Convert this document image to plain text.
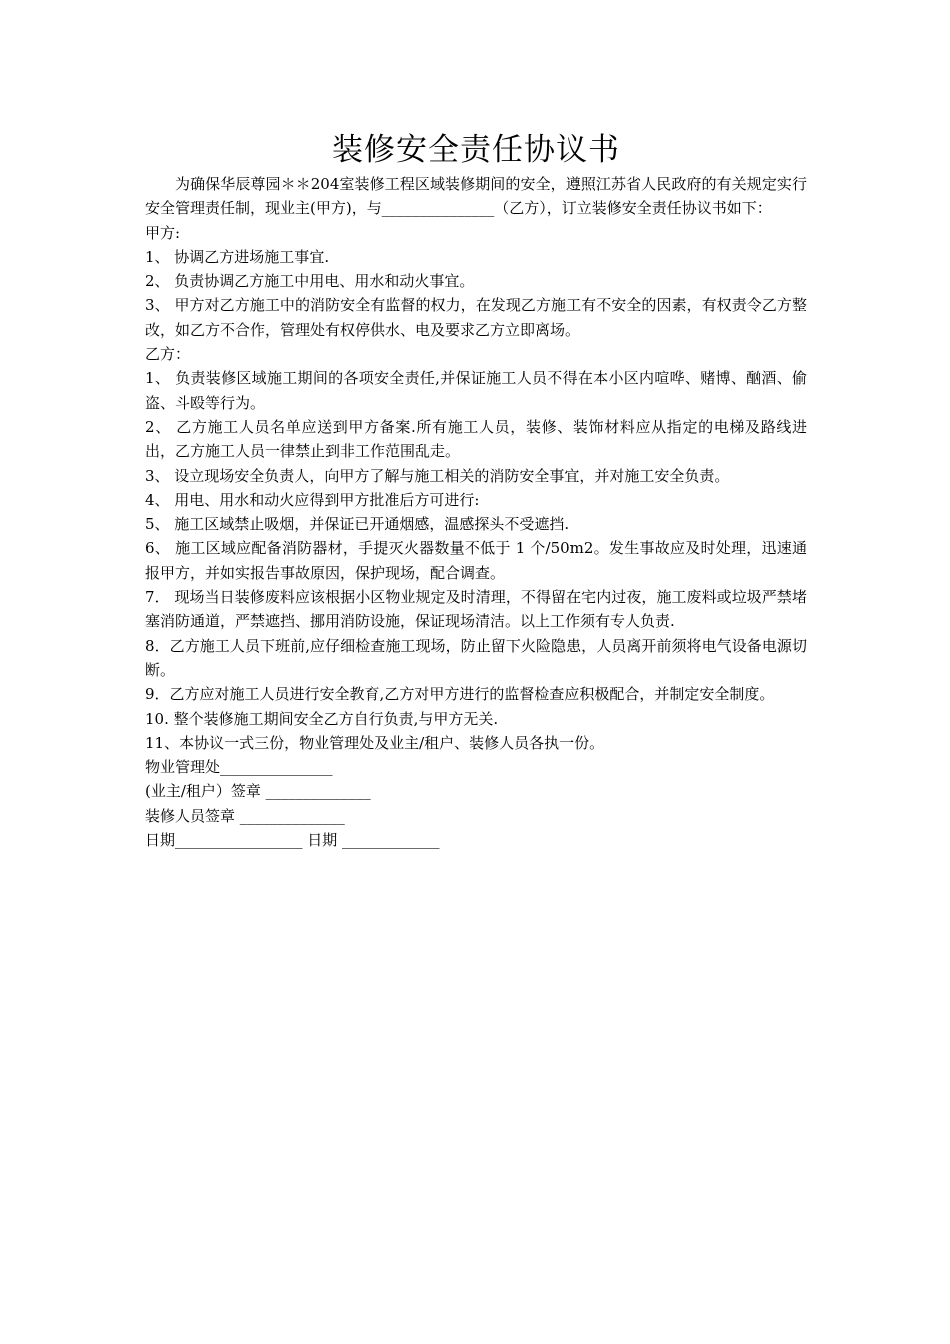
装修安全责任协议书

为确保华辰尊园＊＊204室装修工程区域装修期间的安全，遵照江苏省人民政府的有关规定实行安全管理责任制，现业主(甲方)，与_______________（乙方），订立装修安全责任协议书如下：

甲方:

1、 协调乙方进场施工事宜.

2、 负责协调乙方施工中用电、用水和动火事宜。

3、 甲方对乙方施工中的消防安全有监督的权力，在发现乙方施工有不安全的因素，有权责令乙方整改，如乙方不合作，管理处有权停供水、电及要求乙方立即离场。

乙方：

1、 负责装修区域施工期间的各项安全责任,并保证施工人员不得在本小区内喧哗、赌博、酗酒、偷盗、斗殴等行为。

2、 乙方施工人员名单应送到甲方备案.所有施工人员，装修、装饰材料应从指定的电梯及路线进出，乙方施工人员一律禁止到非工作范围乱走。

3、 设立现场安全负责人，向甲方了解与施工相关的消防安全事宜，并对施工安全负责。

4、 用电、用水和动火应得到甲方批准后方可进行:

5、 施工区域禁止吸烟，并保证已开通烟感，温感探头不受遮挡.

6、 施工区域应配备消防器材，手提灭火器数量不低于 1 个/50m2。发生事故应及时处理，迅速通报甲方，并如实报告事故原因，保护现场，配合调查。

7． 现场当日装修废料应该根据小区物业规定及时清理，不得留在宅内过夜，施工废料或垃圾严禁堵塞消防通道，严禁遮挡、挪用消防设施，保证现场清洁。以上工作须有专人负责.

8．乙方施工人员下班前,应仔细检查施工现场，防止留下火险隐患，人员离开前须将电气设备电源切断。

9．乙方应对施工人员进行安全教育,乙方对甲方进行的监督检查应积极配合，并制定安全制度。

10. 整个装修施工期间安全乙方自行负责,与甲方无关.

11、本协议一式三份，物业管理处及业主/租户、装修人员各执一份。

物业管理处_______________

(业主/租户）签章 ______________

装修人员签章 ______________

日期_________________ 日期 _____________
